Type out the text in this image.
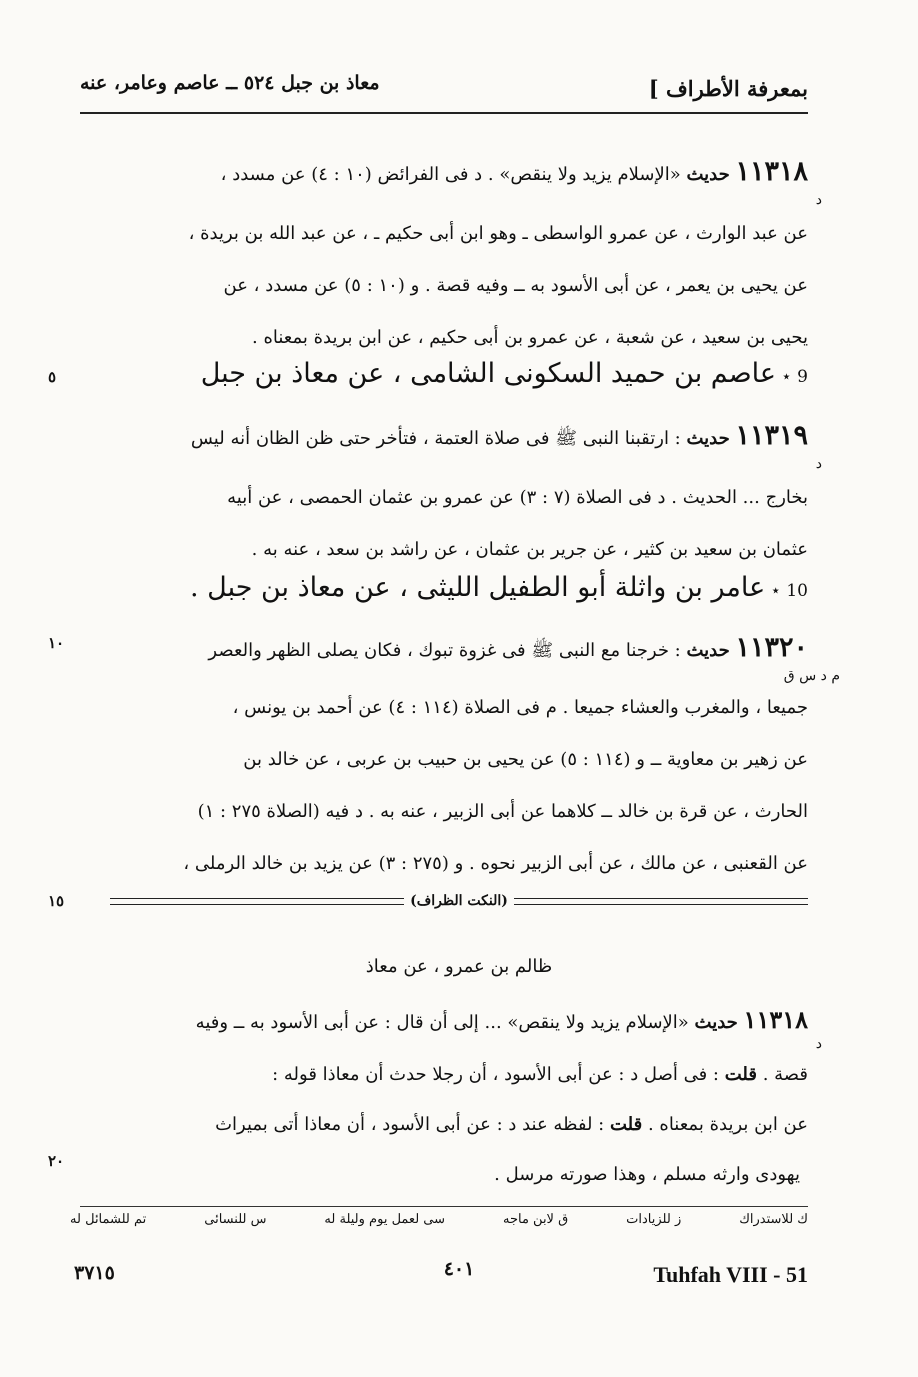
بمعرفة الأطراف ]
معاذ بن جبل ٥٢٤ ــ عاصم وعامر، عنه
١١٣١٨ حديث «الإسلام يزيد ولا ينقص» . د فى الفرائض (١٠ : ٤) عن مسدد ،
عن عبد الوارث ، عن عمرو الواسطى ـ وهو ابن أبى حكيم ـ ، عن عبد الله بن بريدة ،
عن يحيى بن يعمر ، عن أبى الأسود به ــ وفيه قصة . و (١٠ : ٥) عن مسدد ، عن
يحيى بن سعيد ، عن شعبة ، عن عمرو بن أبى حكيم ، عن ابن بريدة بمعناه .
د
9 ⋆ عاصم بن حميد السكونى الشامى ، عن معاذ بن جبل
٥
١١٣١٩ حديث : ارتقبنا النبى ﷺ فى صلاة العتمة ، فتأخر حتى ظن الظان أنه ليس
بخارج ... الحديث . د فى الصلاة (٧ : ٣) عن عمرو بن عثمان الحمصى ، عن أبيه
عثمان بن سعيد بن كثير ، عن جرير بن عثمان ، عن راشد بن سعد ، عنه به .
د
10 ⋆ عامر بن واثلة أبو الطفيل الليثى ، عن معاذ بن جبل .
١١٣٢٠ حديث : خرجنا مع النبى ﷺ فى غزوة تبوك ، فكان يصلى الظهر والعصر
جميعا ، والمغرب والعشاء جميعا . م فى الصلاة (١١٤ : ٤) عن أحمد بن يونس ،
عن زهير بن معاوية ــ و (١١٤ : ٥) عن يحيى بن حبيب بن عربى ، عن خالد بن
الحارث ، عن قرة بن خالد ــ كلاهما عن أبى الزبير ، عنه به . د فيه (الصلاة ٢٧٥ : ١)
عن القعنبى ، عن مالك ، عن أبى الزبير نحوه . و (٢٧٥ : ٣) عن يزيد بن خالد الرملى ،
م د س ق
١٠
(النكت الظراف)
١٥
ظالم بن عمرو ، عن معاذ
١١٣١٨ حديث «الإسلام يزيد ولا ينقص» ... إلى أن قال : عن أبى الأسود به ــ وفيه
قصة . قلت : فى أصل د : عن أبى الأسود ، أن رجلا حدث أن معاذا قوله :
عن ابن بريدة بمعناه . قلت : لفظه عند د : عن أبى الأسود ، أن معاذا أتى بميراث
يهودى وارثه مسلم ، وهذا صورته مرسل .
د
٢٠
تم للشمائل له	س للنسائى	سى لعمل يوم وليلة له	ق لابن ماجه	ز للزيادات	ك للاستدراك
٣٧١٥	٤٠١	Tuhfah VIII - 51
